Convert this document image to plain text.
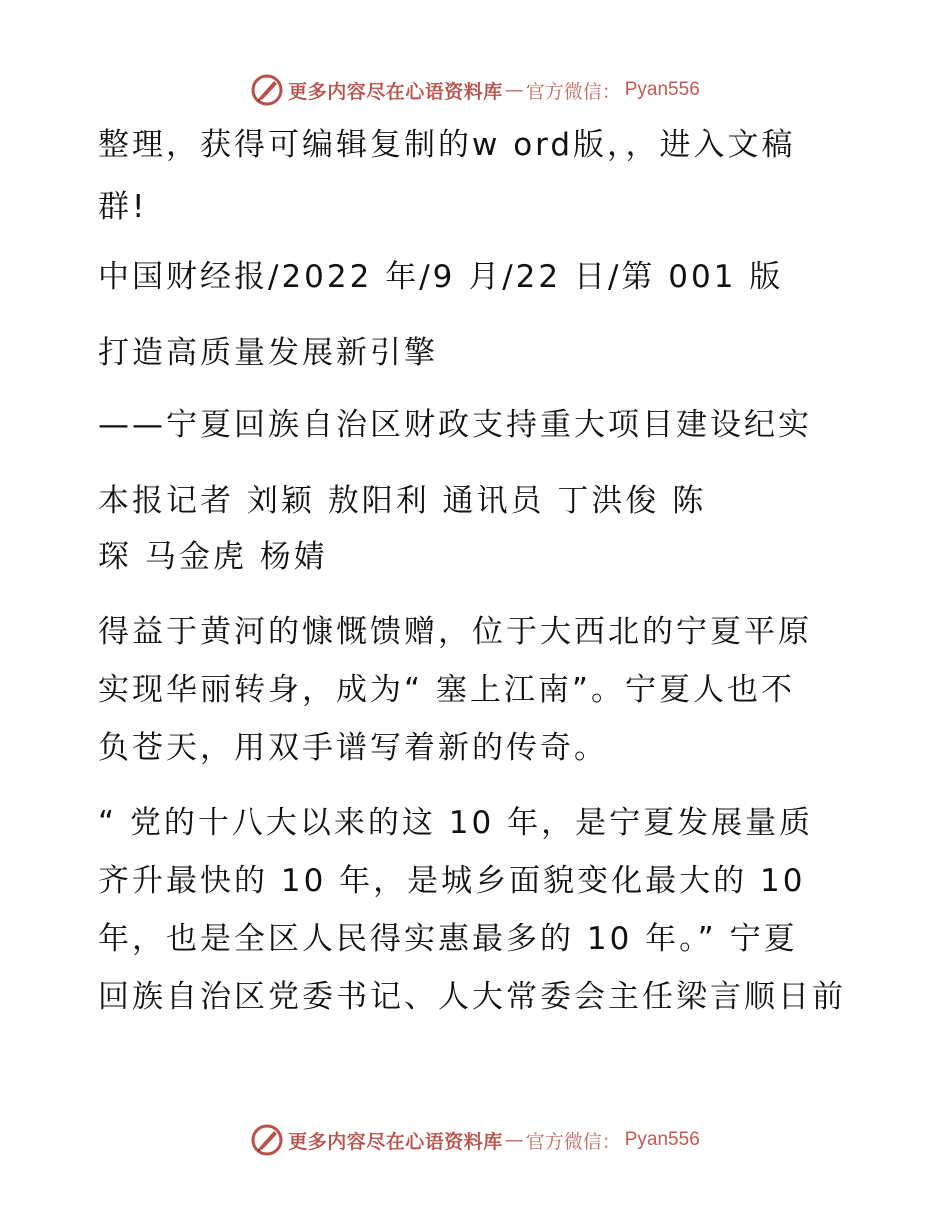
更多内容尽在心语资料库 — 官方微信： Pyan556
整理，获得可编辑复制的w ord版，，进入文稿
群!
中国财经报/2022 年/9 月/22 日/第 001 版
打造高质量发展新引擎
——宁夏回族自治区财政支持重大项目建设纪实
本报记者 刘颖 敖阳利 通讯员 丁洪俊 陈
琛 马金虎 杨婧
得益于黄河的慷慨馈赠，位于大西北的宁夏平原
实现华丽转身，成为“ 塞上江南”。宁夏人也不
负苍天，用双手谱写着新的传奇。
“ 党的十八大以来的这 10 年，是宁夏发展量质
齐升最快的 10 年，是城乡面貌变化最大的 10
年，也是全区人民得实惠最多的 10 年。” 宁夏
回族自治区党委书记、人大常委会主任梁言顺日前
更多内容尽在心语资料库 — 官方微信： Pyan556
